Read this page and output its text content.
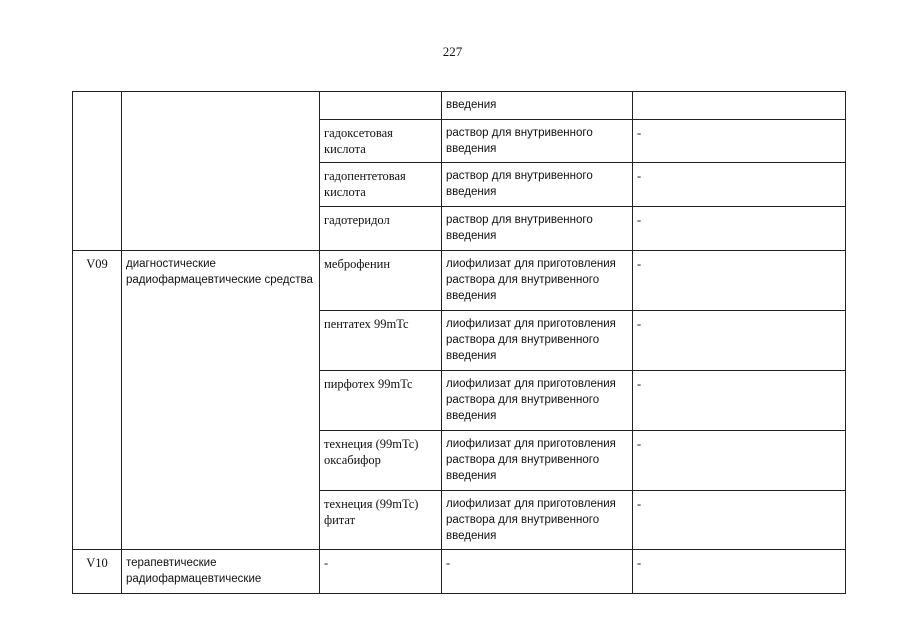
227
			введения	
		гадоксетовая кислота	раствор для внутривенного введения	-
		гадопентетовая кислота	раствор для внутривенного введения	-
		гадотеридол	раствор для внутривенного введения	-
V09	диагностические радиофармацевтические средства	меброфенин	лиофилизат для приготовления раствора для внутривенного введения	-
		пентатех 99mTc	лиофилизат для приготовления раствора для внутривенного введения	-
		пирфотех 99mTc	лиофилизат для приготовления раствора для внутривенного введения	-
		технеция (99mTc) оксабифор	лиофилизат для приготовления раствора для внутривенного введения	-
		технеция (99mTc) фитат	лиофилизат для приготовления раствора для внутривенного введения	-
V10	терапевтические радиофармацевтические	-	-	-
